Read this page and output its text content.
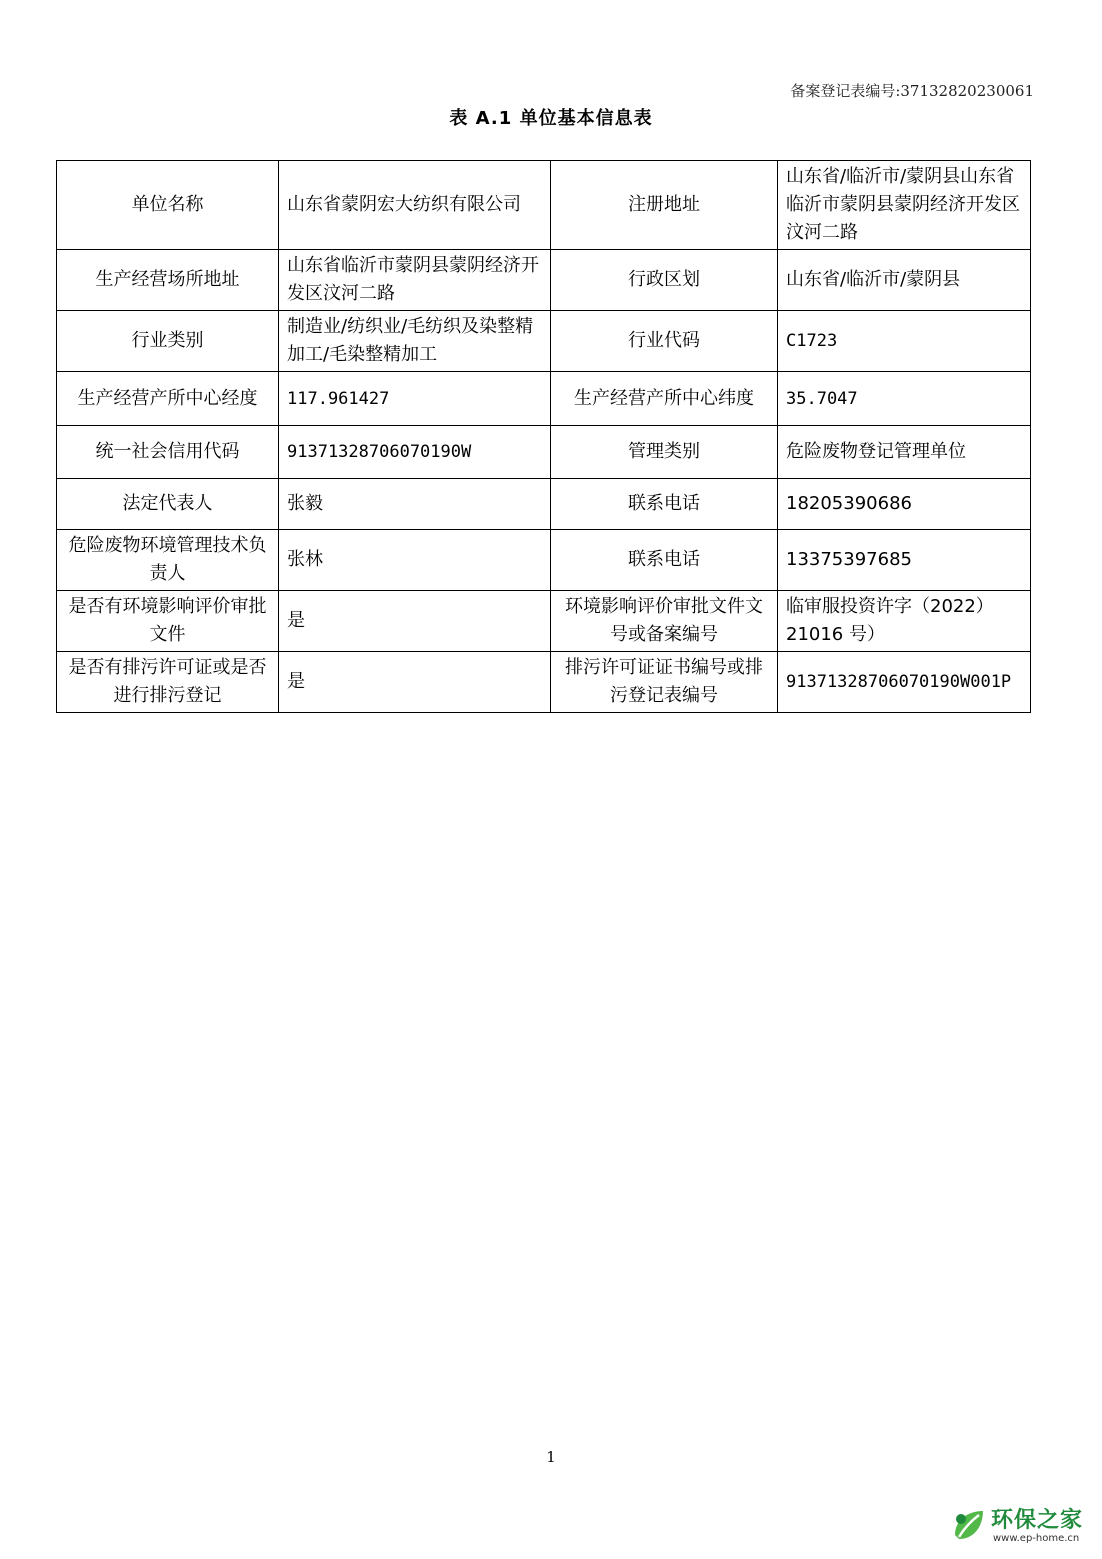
备案登记表编号:37132820230061
表 A.1 单位基本信息表
单位名称	山东省蒙阴宏大纺织有限公司	注册地址	山东省/临沂市/蒙阴县山东省临沂市蒙阴县蒙阴经济开发区汶河二路
生产经营场所地址	山东省临沂市蒙阴县蒙阴经济开发区汶河二路	行政区划	山东省/临沂市/蒙阴县
行业类别	制造业/纺织业/毛纺织及染整精加工/毛染整精加工	行业代码	C1723
生产经营产所中心经度	117.961427	生产经营产所中心纬度	35.7047
统一社会信用代码	91371328706070190W	管理类别	危险废物登记管理单位
法定代表人	张毅	联系电话	18205390686
危险废物环境管理技术负责人	张林	联系电话	13375397685
是否有环境影响评价审批文件	是	环境影响评价审批文件文号或备案编号	临审服投资许字（2022）21016 号）
是否有排污许可证或是否进行排污登记	是	排污许可证证书编号或排污登记表编号	91371328706070190W001P
1
环保之家
www.ep-home.cn
